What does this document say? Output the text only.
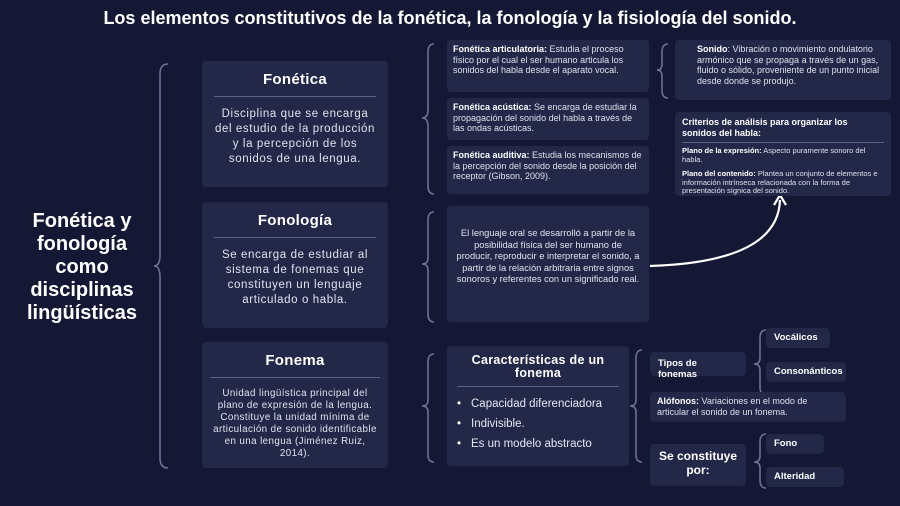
Los elementos constitutivos de la fonética, la fonología y la fisiología del sonido.
Fonética y fonología como disciplinas lingüísticas
Fonética
Disciplina que se encarga del estudio de la producción y la percepción de los sonidos de una lengua.
Fonología
Se encarga de estudiar al sistema de fonemas que constituyen un lenguaje articulado o habla.
Fonema
Unidad lingüística principal del plano de expresión de la lengua. Constituye la unidad mínima de articulación de sonido identificable en una lengua (Jiménez Ruiz, 2014).
Fonética articulatoria: Estudia el proceso físico por el cual el ser humano articula los sonidos del habla desde el aparato vocal.
Fonética acústica: Se encarga de estudiar la propagación del sonido del habla a través de las ondas acústicas.
Fonética auditiva: Estudia los mecanismos de la percepción del sonido desde la posición del receptor (Gibson, 2009).
Sonido: Vibración o movimiento ondulatorio armónico que se propaga a través de un gas, fluido o sólido, proveniente de un punto inicial desde donde se produjo.
Criterios de análisis para organizar los sonidos del habla:
Plano de la expresión: Aspecto puramente sonoro del habla.
Plano del contenido: Plantea un conjunto de elementos e información intrínseca relacionada con la forma de presentación sígnica del sonido.
El lenguaje oral se desarrolló a partir de la posibilidad física del ser humano de producir, reproducir e interpretar el sonido, a partir de la relación arbitraria entre signos sonoros y referentes con un significado real.
Características de un fonema
• Capacidad diferenciadora
• Indivisible.
• Es un modelo abstracto
Tipos de fonemas
Vocálicos
Consonánticos
Alófonos: Variaciones en el modo de articular el sonido de un fonema.
Se constituye por:
Fono
Alteridad
